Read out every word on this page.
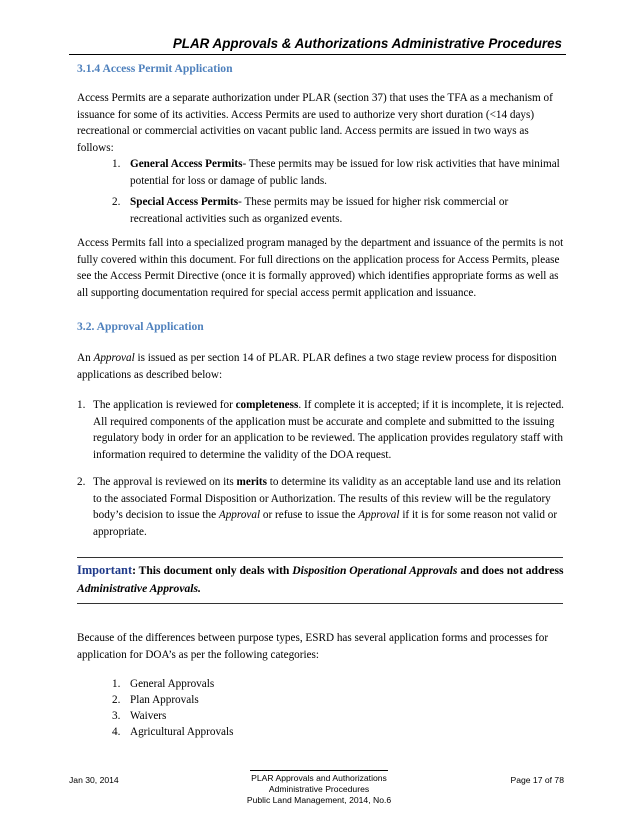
PLAR Approvals & Authorizations Administrative Procedures
3.1.4 Access Permit Application
Access Permits are a separate authorization under PLAR (section 37) that uses the TFA as a mechanism of issuance for some of its activities. Access Permits are used to authorize very short duration (<14 days) recreational or commercial activities on vacant public land. Access permits are issued in two ways as follows:
1. General Access Permits- These permits may be issued for low risk activities that have minimal potential for loss or damage of public lands.
2. Special Access Permits- These permits may be issued for higher risk commercial or recreational activities such as organized events.
Access Permits fall into a specialized program managed by the department and issuance of the permits is not fully covered within this document. For full directions on the application process for Access Permits, please see the Access Permit Directive (once it is formally approved) which identifies appropriate forms as well as all supporting documentation required for special access permit application and issuance.
3.2. Approval Application
An Approval is issued as per section 14 of PLAR. PLAR defines a two stage review process for disposition applications as described below:
1. The application is reviewed for completeness. If complete it is accepted; if it is incomplete, it is rejected. All required components of the application must be accurate and complete and submitted to the issuing regulatory body in order for an application to be reviewed. The application provides regulatory staff with information required to determine the validity of the DOA request.
2. The approval is reviewed on its merits to determine its validity as an acceptable land use and its relation to the associated Formal Disposition or Authorization. The results of this review will be the regulatory body’s decision to issue the Approval or refuse to issue the Approval if it is for some reason not valid or appropriate.
Important: This document only deals with Disposition Operational Approvals and does not address Administrative Approvals.
Because of the differences between purpose types, ESRD has several application forms and processes for application for DOA’s as per the following categories:
1. General Approvals
2. Plan Approvals
3. Waivers
4. Agricultural Approvals
Jan 30, 2014	PLAR Approvals and Authorizations
Administrative Procedures
Public Land Management, 2014, No.6
Page 17 of 78
